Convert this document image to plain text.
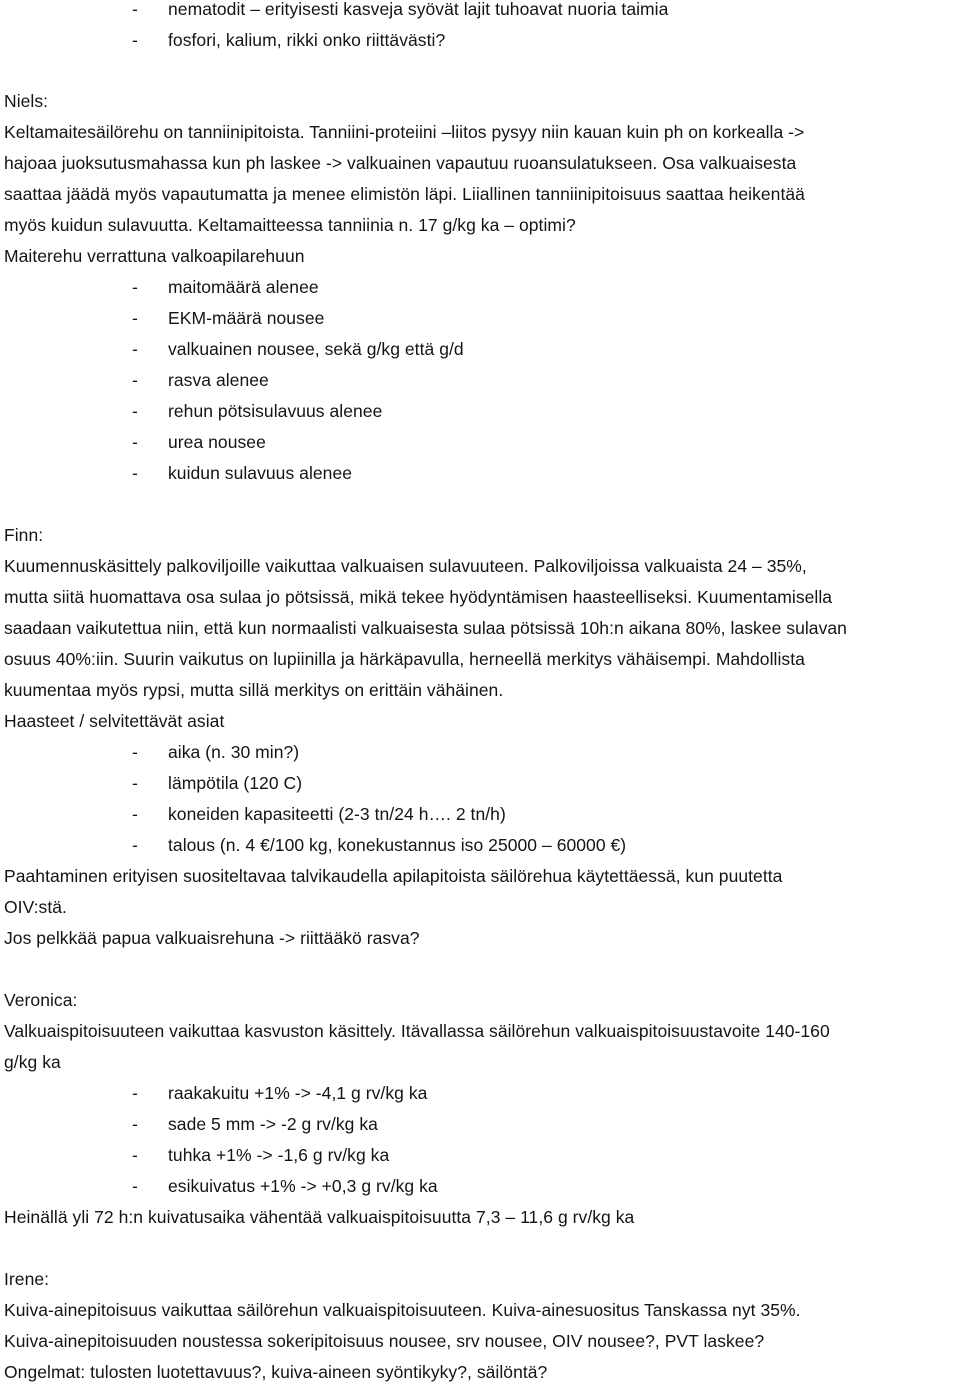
- nematodit – erityisesti kasveja syövät lajit tuhoavat nuoria taimia
- fosfori, kalium, rikki onko riittävästi?
Niels:
Keltamaitesäilörehu on tanniinipitoista. Tanniini-proteiini –liitos pysyy niin kauan kuin ph on korkealla ->
hajoaa juoksutusmahassa kun ph laskee -> valkuainen vapautuu ruoansulatukseen. Osa valkuaisesta
saattaa jäädä myös vapautumatta ja menee elimistön läpi. Liiallinen tanniinipitoisuus saattaa heikentää
myös kuidun sulavuutta. Keltamaitteessa tanniinia n. 17 g/kg ka – optimi?
Maiterehu verrattuna valkoapilarehuun
- maitomäärä alenee
- EKM-määrä nousee
- valkuainen nousee, sekä g/kg että g/d
- rasva alenee
- rehun pötsisulavuus alenee
- urea nousee
- kuidun sulavuus alenee
Finn:
Kuumennuskäsittely palkoviljoille vaikuttaa valkuaisen sulavuuteen. Palkoviljoissa valkuaista 24 – 35%,
mutta siitä huomattava osa sulaa jo pötsissä, mikä tekee hyödyntämisen haasteelliseksi. Kuumentamisella
saadaan vaikutettua niin, että kun normaalisti valkuaisesta sulaa pötsissä 10h:n aikana 80%, laskee sulavan
osuus 40%:iin. Suurin vaikutus on lupiinilla ja härkäpavulla, herneellä merkitys vähäisempi. Mahdollista
kuumentaa myös rypsi, mutta sillä merkitys on erittäin vähäinen.
Haasteet / selvitettävät asiat
- aika (n. 30 min?)
- lämpötila (120 C)
- koneiden kapasiteetti (2-3 tn/24 h…. 2 tn/h)
- talous (n. 4 €/100 kg, konekustannus iso 25000 – 60000 €)
Paahtaminen erityisen suositeltavaa talvikaudella apilapitoista säilörehua käytettäessä, kun puutetta
OIV:stä.
Jos pelkkää papua valkuaisrehuna -> riittääkö rasva?
Veronica:
Valkuaispitoisuuteen vaikuttaa kasvuston käsittely. Itävallassa säilörehun valkuaispitoisuustavoite 140-160
g/kg ka
- raakakuitu +1% -> -4,1 g rv/kg ka
- sade 5 mm -> -2 g rv/kg ka
- tuhka +1% -> -1,6 g rv/kg ka
- esikuivatus +1% -> +0,3 g rv/kg ka
Heinällä yli 72 h:n kuivatusaika vähentää valkuaispitoisuutta 7,3 – 11,6 g rv/kg ka
Irene:
Kuiva-ainepitoisuus vaikuttaa säilörehun valkuaispitoisuuteen. Kuiva-ainesuositus Tanskassa nyt 35%.
Kuiva-ainepitoisuuden noustessa sokeripitoisuus nousee, srv nousee, OIV nousee?, PVT laskee?
Ongelmat: tulosten luotettavuus?, kuiva-aineen syöntikyky?, säilöntä?
